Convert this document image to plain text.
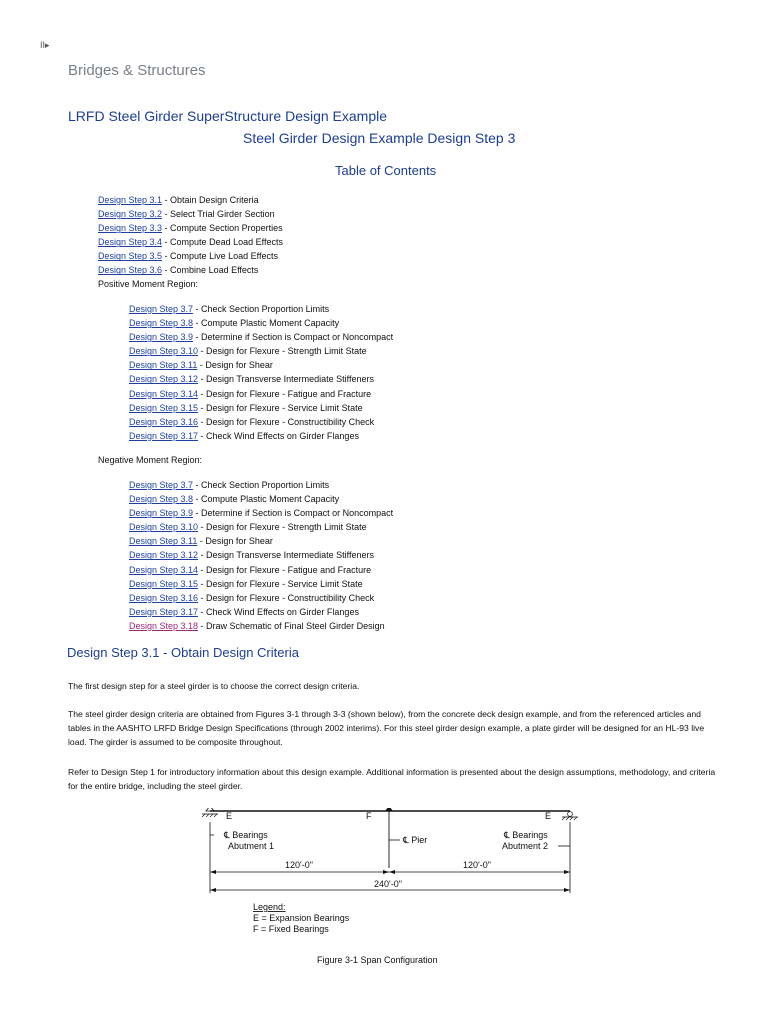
II▸
Bridges & Structures
LRFD Steel Girder SuperStructure Design Example
Steel Girder Design Example Design Step 3
Table of Contents
Design Step 3.1 - Obtain Design Criteria
Design Step 3.2 - Select Trial Girder Section
Design Step 3.3 - Compute Section Properties
Design Step 3.4 - Compute Dead Load Effects
Design Step 3.5 - Compute Live Load Effects
Design Step 3.6 - Combine Load Effects
Positive Moment Region:
Design Step 3.7 - Check Section Proportion Limits
Design Step 3.8 - Compute Plastic Moment Capacity
Design Step 3.9 - Determine if Section is Compact or Noncompact
Design Step 3.10 - Design for Flexure - Strength Limit State
Design Step 3.11 - Design for Shear
Design Step 3.12 - Design Transverse Intermediate Stiffeners
Design Step 3.14 - Design for Flexure - Fatigue and Fracture
Design Step 3.15 - Design for Flexure - Service Limit State
Design Step 3.16 - Design for Flexure - Constructibility Check
Design Step 3.17 - Check Wind Effects on Girder Flanges
Negative Moment Region:
Design Step 3.7 - Check Section Proportion Limits
Design Step 3.8 - Compute Plastic Moment Capacity
Design Step 3.9 - Determine if Section is Compact or Noncompact
Design Step 3.10 - Design for Flexure - Strength Limit State
Design Step 3.11 - Design for Shear
Design Step 3.12 - Design Transverse Intermediate Stiffeners
Design Step 3.14 - Design for Flexure - Fatigue and Fracture
Design Step 3.15 - Design for Flexure - Service Limit State
Design Step 3.16 - Design for Flexure - Constructibility Check
Design Step 3.17 - Check Wind Effects on Girder Flanges
Design Step 3.18 - Draw Schematic of Final Steel Girder Design
Design Step 3.1 - Obtain Design Criteria
The first design step for a steel girder is to choose the correct design criteria.
The steel girder design criteria are obtained from Figures 3-1 through 3-3 (shown below), from the concrete deck design example, and from the referenced articles and tables in the AASHTO LRFD Bridge Design Specifications (through 2002 interims). For this steel girder design example, a plate girder will be designed for an HL-93 live load. The girder is assumed to be composite throughout.
Refer to Design Step 1 for introductory information about this design example. Additional information is presented about the design assumptions, methodology, and criteria for the entire bridge, including the steel girder.
E	F	E
℄ Bearings
Abutment 1
℄ Pier	℄ Bearings
Abutment 2
120'-0"	120'-0"
240'-0"
Legend:
E = Expansion Bearings
F = Fixed Bearings
Figure 3-1 Span Configuration
